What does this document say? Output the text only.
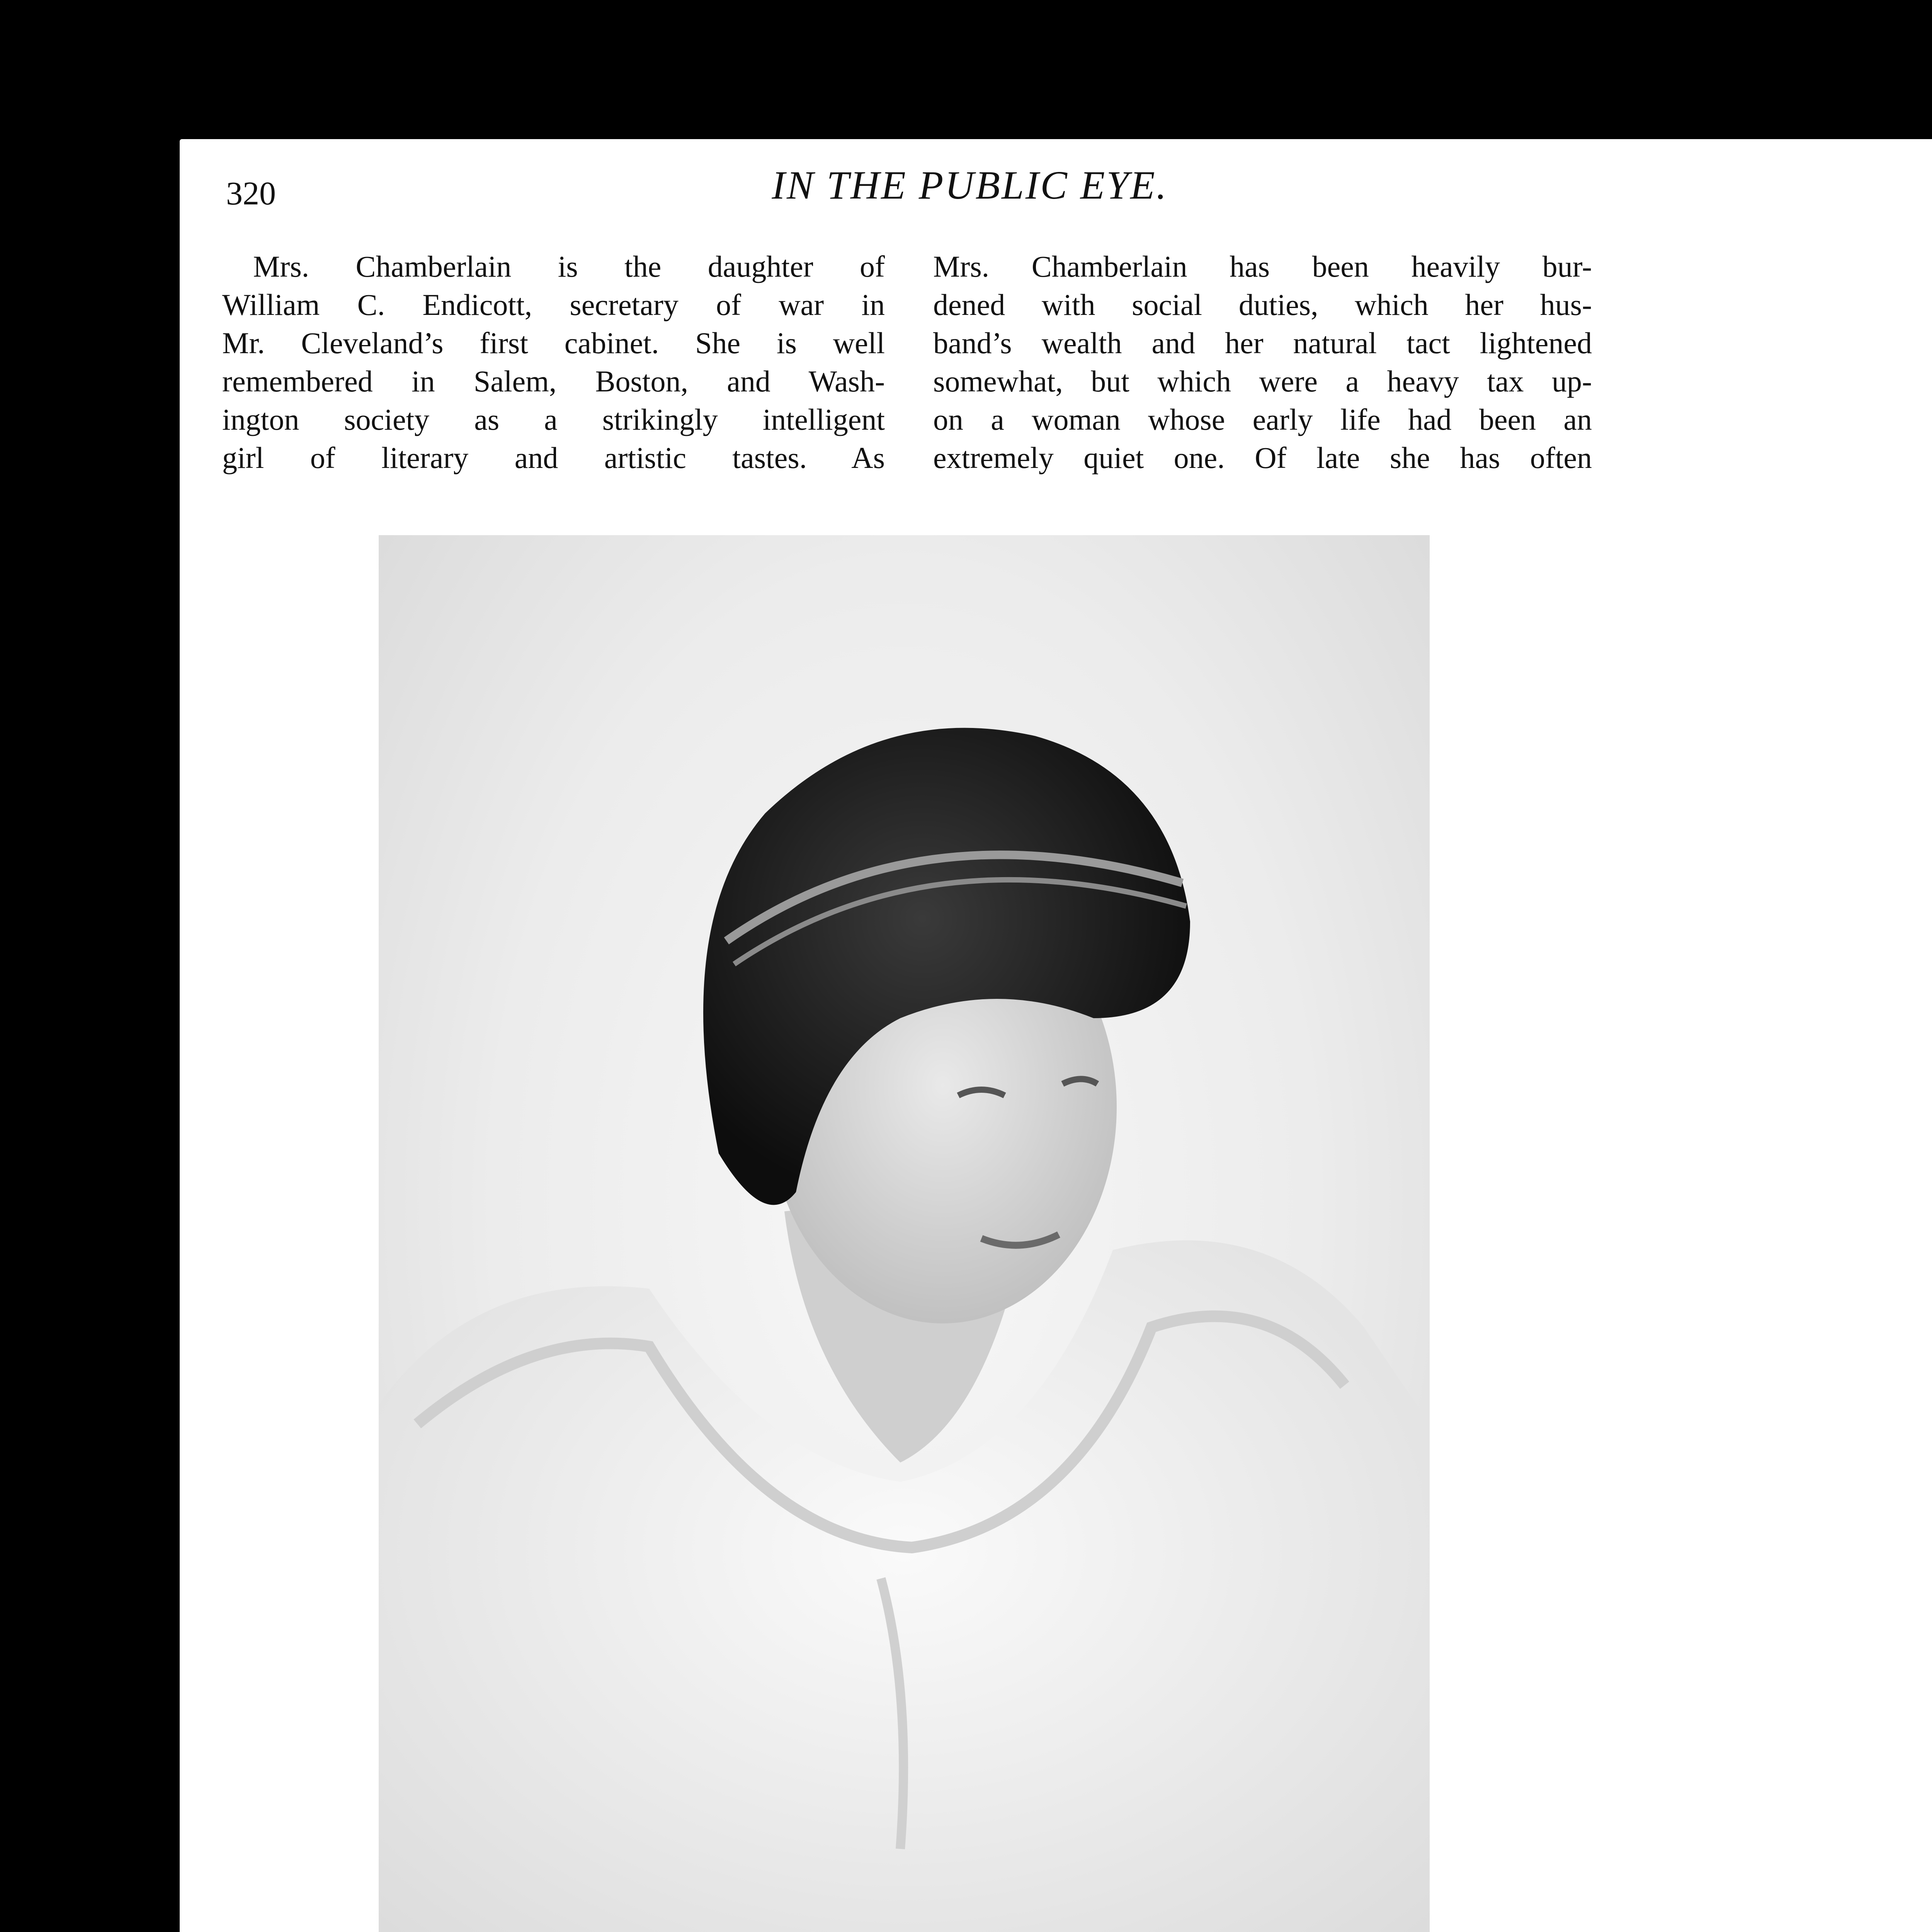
320	IN THE PUBLIC EYE.

Mrs. Chamberlain is the daughter of
William C. Endicott, secretary of war in
Mr. Cleveland’s first cabinet. She is well
remembered in Salem, Boston, and Wash-
ington society as a strikingly intelligent
girl of literary and artistic tastes. As

Mrs. Chamberlain has been heavily bur-
dened with social duties, which her hus-
band’s wealth and her natural tact lightened
somewhat, but which were a heavy tax up-
on a woman whose early life had been an
extremely quiet one. Of late she has often
